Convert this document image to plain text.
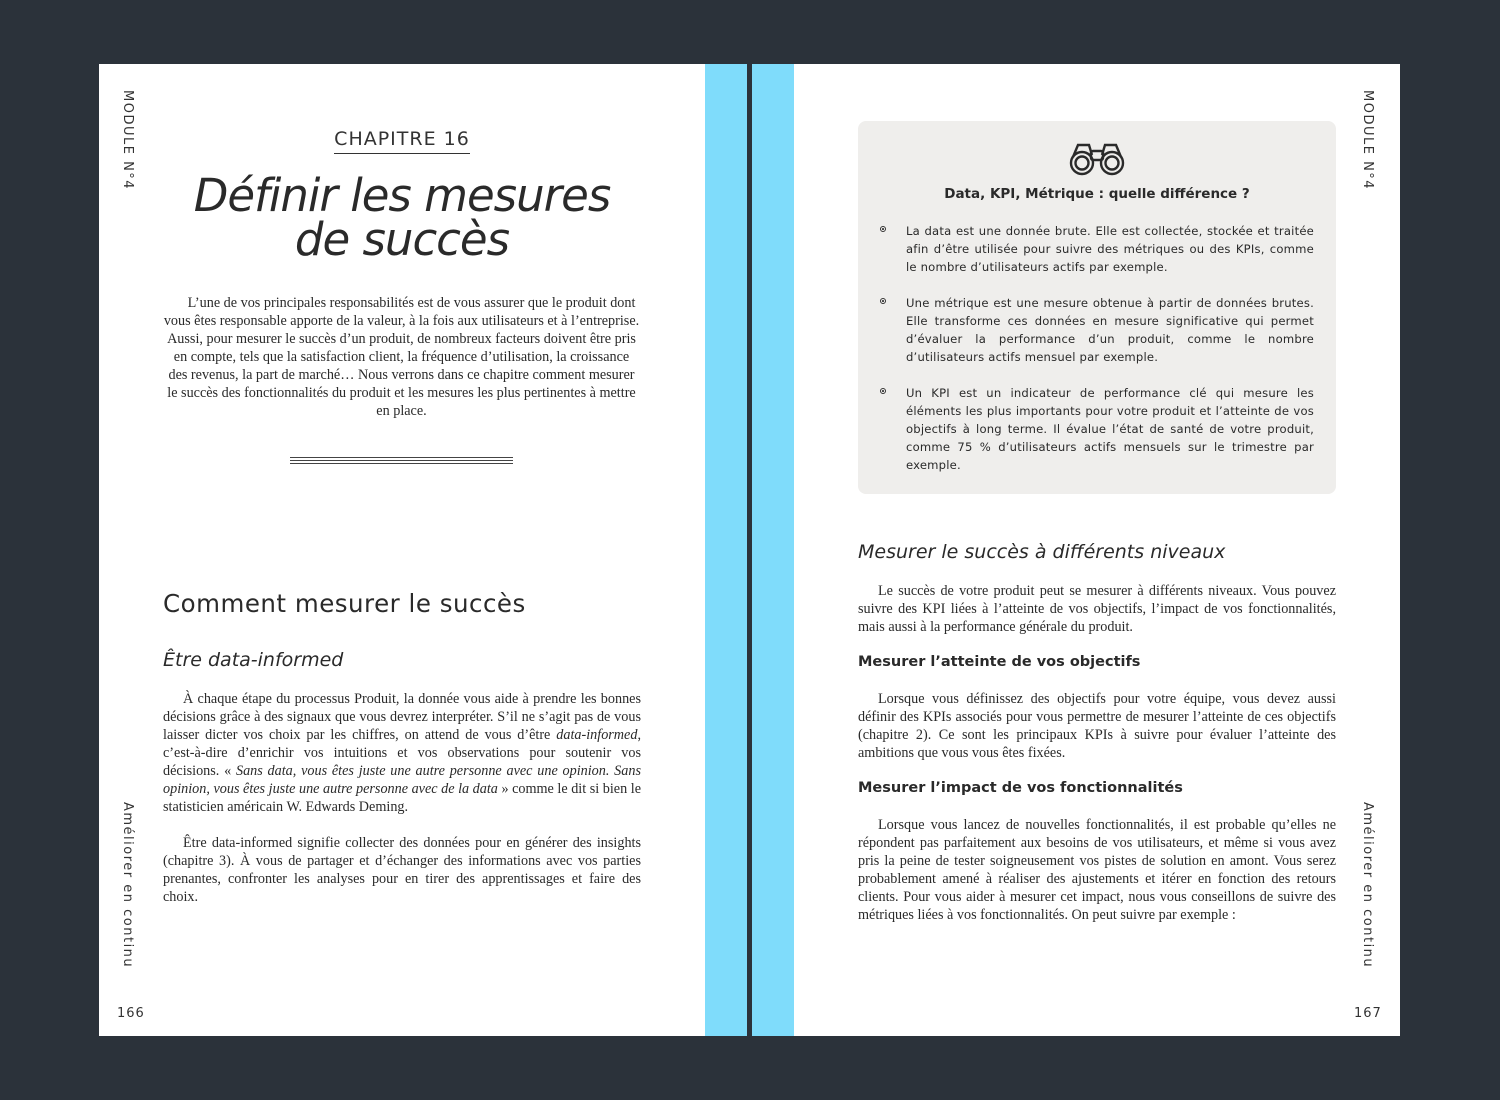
MODULE N°4
Améliorer en continu
166
CHAPITRE 16
Définir les mesures
de succès

L’une de vos principales responsabilités est de vous assurer que le produit dont vous êtes responsable apporte de la valeur, à la fois aux utilisateurs et à l’entreprise. Aussi, pour mesurer le succès d’un produit, de nombreux facteurs doivent être pris en compte, tels que la satisfaction client, la fréquence d’utilisation, la croissance des revenus, la part de marché… Nous verrons dans ce chapitre comment mesurer le succès des fonctionnalités du produit et les mesures les plus pertinentes à mettre en place.

Comment mesurer le succès
Être data-informed

À chaque étape du processus Produit, la donnée vous aide à prendre les bonnes décisions grâce à des signaux que vous devrez interpréter. S’il ne s’agit pas de vous laisser dicter vos choix par les chiffres, on attend de vous d’être data-informed, c’est-à-dire d’enrichir vos intuitions et vos observations pour soutenir vos décisions. « Sans data, vous êtes juste une autre personne avec une opinion. Sans opinion, vous êtes juste une autre personne avec de la data » comme le dit si bien le statisticien américain W. Edwards Deming.

Être data-informed signifie collecter des données pour en générer des insights (chapitre 3). À vous de partager et d’échanger des informations avec vos parties prenantes, confronter les analyses pour en tirer des apprentissages et faire des choix.

MODULE N°4
Améliorer en continu
167
Data, KPI, Métrique : quelle différence ?
La data est une donnée brute. Elle est collectée, stockée et traitée afin d’être utilisée pour suivre des métriques ou des KPIs, comme le nombre d’utilisateurs actifs par exemple.
Une métrique est une mesure obtenue à partir de données brutes. Elle transforme ces données en mesure significative qui permet d’évaluer la performance d’un produit, comme le nombre d’utilisateurs actifs mensuel par exemple.
Un KPI est un indicateur de performance clé qui mesure les éléments les plus importants pour votre produit et l’atteinte de vos objectifs à long terme. Il évalue l’état de santé de votre produit, comme 75 % d’utilisateurs actifs mensuels sur le trimestre par exemple.
Mesurer le succès à différents niveaux

Le succès de votre produit peut se mesurer à différents niveaux. Vous pouvez suivre des KPI liées à l’atteinte de vos objectifs, l’impact de vos fonctionnalités, mais aussi à la performance générale du produit.

Mesurer l’atteinte de vos objectifs

Lorsque vous définissez des objectifs pour votre équipe, vous devez aussi définir des KPIs associés pour vous permettre de mesurer l’atteinte de ces objectifs (chapitre 2). Ce sont les principaux KPIs à suivre pour évaluer l’atteinte des ambitions que vous vous êtes fixées.

Mesurer l’impact de vos fonctionnalités

Lorsque vous lancez de nouvelles fonctionnalités, il est probable qu’elles ne répondent pas parfaitement aux besoins de vos utilisateurs, et même si vous avez pris la peine de tester soigneusement vos pistes de solution en amont. Vous serez probablement amené à réaliser des ajustements et itérer en fonction des retours clients. Pour vous aider à mesurer cet impact, nous vous conseillons de suivre des métriques liées à vos fonctionnalités. On peut suivre par exemple :
